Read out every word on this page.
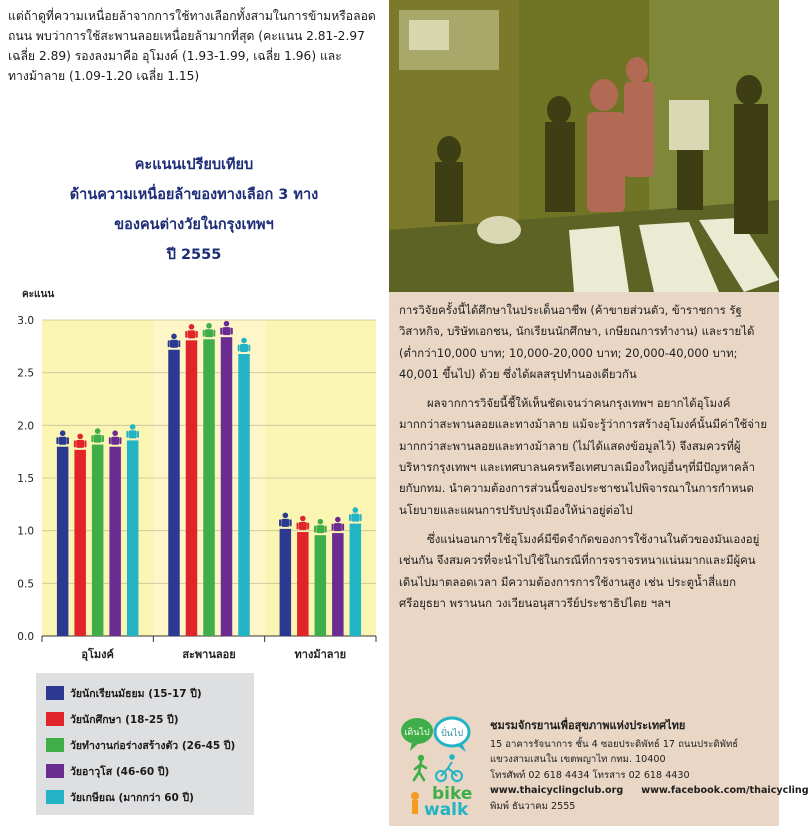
แต่ถ้าดูที่ความเหนื่อยล้าจากการใช้ทางเลือกทั้งสามในการข้ามหรือลอดถนน พบว่าการใช้สะพานลอยเหนื่อยล้ามากที่สุด (คะแนน 2.81-2.97 เฉลี่ย 2.89) รองลงมาคือ อุโมงค์ (1.93-1.99, เฉลี่ย 1.96) และทางม้าลาย (1.09-1.20 เฉลี่ย 1.15)
คะแนนเปรียบเทียบ
ด้านความเหนื่อยล้าของทางเลือก 3 ทาง
ของคนต่างวัยในกรุงเทพฯ
ปี 2555
คะแนน
3.0
2.5
2.0
1.5
1.0
0.5
0.0
อุโมงค์	สะพานลอย	ทางม้าลาย
วัยนักเรียนมัธยม (15-17 ปี)
วัยนักศึกษา (18-25 ปี)
วัยทำงานก่อร่างสร้างตัว (26-45 ปี)
วัยอาวุโส (46-60 ปี)
วัยเกษียณ (มากกว่า 60 ปี)

การวิจัยครั้งนี้ได้ศึกษาในประเด็นอาชีพ (ค้าขายส่วนตัว, ข้าราชการ รัฐ วิสาหกิจ, บริษัทเอกชน, นักเรียนนักศึกษา, เกษียณการทำงาน) และรายได้ (ต่ำกว่า10,000 บาท; 10,000-20,000 บาท; 20,000-40,000 บาท; 40,001 ขึ้นไป) ด้วย ซึ่งได้ผลสรุปทำนองเดียวกัน

ผลจากการวิจัยนี้ชี้ให้เห็นชัดเจนว่าคนกรุงเทพฯ อยากได้อุโมงค์มากกว่าสะพานลอยและทางม้าลาย แม้จะรู้ว่าการสร้างอุโมงค์นั้นมีค่าใช้จ่ายมากกว่าสะพานลอยและทางม้าลาย (ไม่ได้แสดงข้อมูลไว้) จึงสมควรที่ผู้บริหารกรุงเทพฯ และเทศบาลนครหรือเทศบาลเมืองใหญ่อื่นๆที่มีปัญหาคล้ายกับกทม. นำความต้องการส่วนนี้ของประชาชนไปพิจารณาในการกำหนดนโยบายและแผนการปรับปรุงเมืองให้น่าอยู่ต่อไป

ซึ่งแน่นอนการใช้อุโมงค์มีขีดจำกัดของการใช้งานในตัวของมันเองอยู่เช่นกัน จึงสมควรที่จะนำไปใช้ในกรณีที่การจราจรหนาแน่นมากและมีผู้คนเดินไปมาตลอดเวลา มีความต้องการการใช้งานสูง เช่น ประตูน้ำสี่แยกศรีอยุธยา พรานนก วงเวียนอนุสาวรีย์ประชาธิปไตย ฯลฯ

เดินไป ปั่นไป
bike
walk
ชมรมจักรยานเพื่อสุขภาพแห่งประเทศไทย
15 อาคารรัจนาการ ชั้น 4 ซอยประดิพัทธ์ 17 ถนนประดิพัทธ์
แขวงสามเสนใน เขตพญาไท กทม. 10400
โทรศัพท์ 02 618 4434 โทรสาร 02 618 4430
www.thaicyclingclub.org www.facebook.com/thaicycling
พิมพ์ ธันวาคม 2555
